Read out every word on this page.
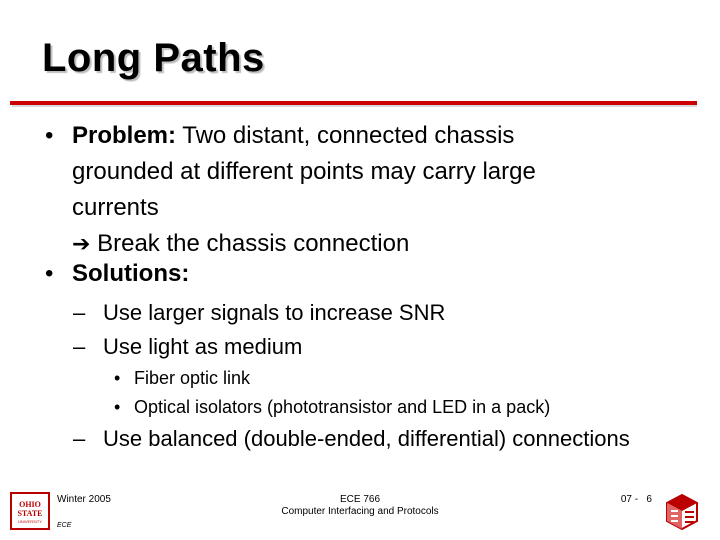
Long Paths
• Problem: Two distant, connected chassis
grounded at different points may carry large
currents
➔ Break the chassis connection
• Solutions:
– Use larger signals to increase SNR
– Use light as medium
• Fiber optic link
• Optical isolators (phototransistor and LED in a pack)
– Use balanced (double-ended, differential) connections
OHIO STATE
UNIVERSITY
Winter 2005
ECE
ECE 766
Computer Interfacing and Protocols
07 -   6
